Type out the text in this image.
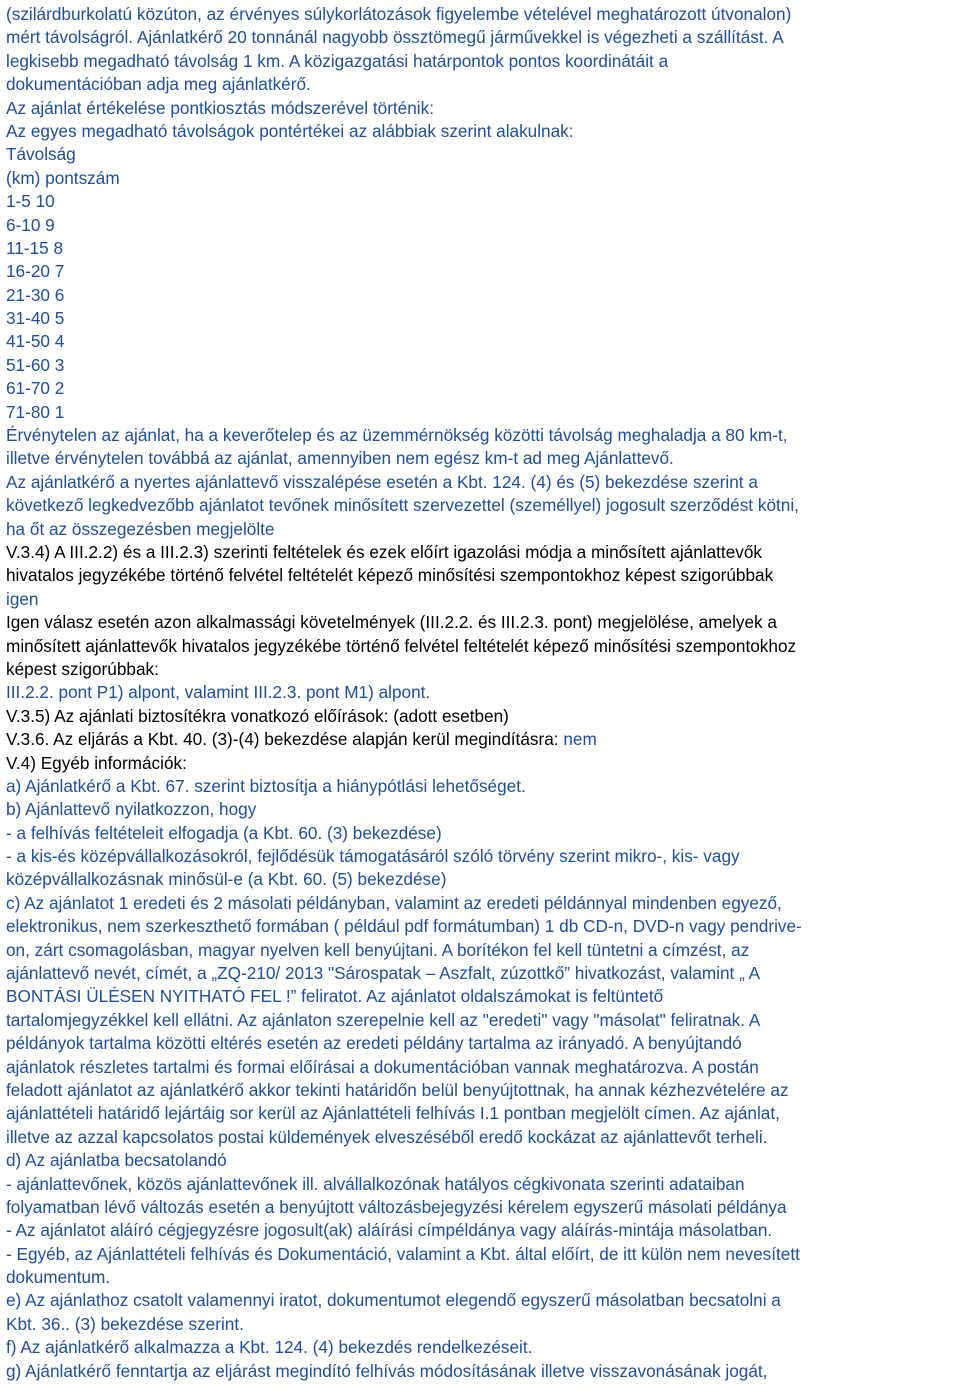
(szilárdburkolatú közúton, az érvényes súlykorlátozások figyelembe vételével meghatározott útvonalon)
mért távolságról. Ajánlatkérő 20 tonnánál nagyobb össztömegű járművekkel is végezheti a szállítást. A
legkisebb megadható távolság 1 km. A közigazgatási határpontok pontos koordinátáit a
dokumentációban adja meg ajánlatkérő.
Az ajánlat értékelése pontkiosztás módszerével történik:
Az egyes megadható távolságok pontértékei az alábbiak szerint alakulnak:
Távolság
(km) pontszám
1-5 10
6-10 9
11-15 8
16-20 7
21-30 6
31-40 5
41-50 4
51-60 3
61-70 2
71-80 1
Érvénytelen az ajánlat, ha a keverőtelep és az üzemmérnökség közötti távolság meghaladja a 80 km-t,
illetve érvénytelen továbbá az ajánlat, amennyiben nem egész km-t ad meg Ajánlattevő.
Az ajánlatkérő a nyertes ajánlattevő visszalépése esetén a Kbt. 124. (4) és (5) bekezdése szerint a
következő legkedvezőbb ajánlatot tevőnek minősített szervezettel (személlyel) jogosult szerződést kötni,
ha őt az összegezésben megjelölte
V.3.4) A III.2.2) és a III.2.3) szerinti feltételek és ezek előírt igazolási módja a minősített ajánlattevők
hivatalos jegyzékébe történő felvétel feltételét képező minősítési szempontokhoz képest szigorúbbak
igen
Igen válasz esetén azon alkalmassági követelmények (III.2.2. és III.2.3. pont) megjelölése, amelyek a
minősített ajánlattevők hivatalos jegyzékébe történő felvétel feltételét képező minősítési szempontokhoz
képest szigorúbbak:
III.2.2. pont P1) alpont, valamint III.2.3. pont M1) alpont.
V.3.5) Az ajánlati biztosítékra vonatkozó előírások: (adott esetben)
V.3.6. Az eljárás a Kbt. 40. (3)-(4) bekezdése alapján kerül megindításra: nem
V.4) Egyéb információk:
a) Ajánlatkérő a Kbt. 67. szerint biztosítja a hiánypótlási lehetőséget.
b) Ajánlattevő nyilatkozzon, hogy
- a felhívás feltételeit elfogadja (a Kbt. 60. (3) bekezdése)
- a kis-és középvállalkozásokról, fejlődésük támogatásáról szóló törvény szerint mikro-, kis- vagy
középvállalkozásnak minősül-e (a Kbt. 60. (5) bekezdése)
c) Az ajánlatot 1 eredeti és 2 másolati példányban, valamint az eredeti példánnyal mindenben egyező,
elektronikus, nem szerkeszthető formában ( például pdf formátumban) 1 db CD-n, DVD-n vagy pendrive-
on, zárt csomagolásban, magyar nyelven kell benyújtani. A borítékon fel kell tüntetni a címzést, az
ajánlattevő nevét, címét, a „ZQ-210/ 2013 "Sárospatak – Aszfalt, zúzottkő” hivatkozást, valamint „ A
BONTÁSI ÜLÉSEN NYITHATÓ FEL !” feliratot. Az ajánlatot oldalszámokat is feltüntető
tartalomjegyzékkel kell ellátni. Az ajánlaton szerepelnie kell az "eredeti" vagy "másolat" feliratnak. A
példányok tartalma közötti eltérés esetén az eredeti példány tartalma az irányadó. A benyújtandó
ajánlatok részletes tartalmi és formai előírásai a dokumentációban vannak meghatározva. A postán
feladott ajánlatot az ajánlatkérő akkor tekinti határidőn belül benyújtottnak, ha annak kézhezvételére az
ajánlattételi határidő lejártáig sor kerül az Ajánlattételi felhívás I.1 pontban megjelölt címen. Az ajánlat,
illetve az azzal kapcsolatos postai küldemények elveszéséből eredő kockázat az ajánlattevőt terheli.
d) Az ajánlatba becsatolandó
- ajánlattevőnek, közös ajánlattevőnek ill. alvállalkozónak hatályos cégkivonata szerinti adataiban
folyamatban lévő változás esetén a benyújtott változásbejegyzési kérelem egyszerű másolati példánya
- Az ajánlatot aláíró cégjegyzésre jogosult(ak) aláírási címpéldánya vagy aláírás-mintája másolatban.
- Egyéb, az Ajánlattételi felhívás és Dokumentáció, valamint a Kbt. által előírt, de itt külön nem nevesített
dokumentum.
e) Az ajánlathoz csatolt valamennyi iratot, dokumentumot elegendő egyszerű másolatban becsatolni a
Kbt. 36.. (3) bekezdése szerint.
f) Az ajánlatkérő alkalmazza a Kbt. 124. (4) bekezdés rendelkezéseit.
g) Ajánlatkérő fenntartja az eljárást megindító felhívás módosításának illetve visszavonásának jogát,
